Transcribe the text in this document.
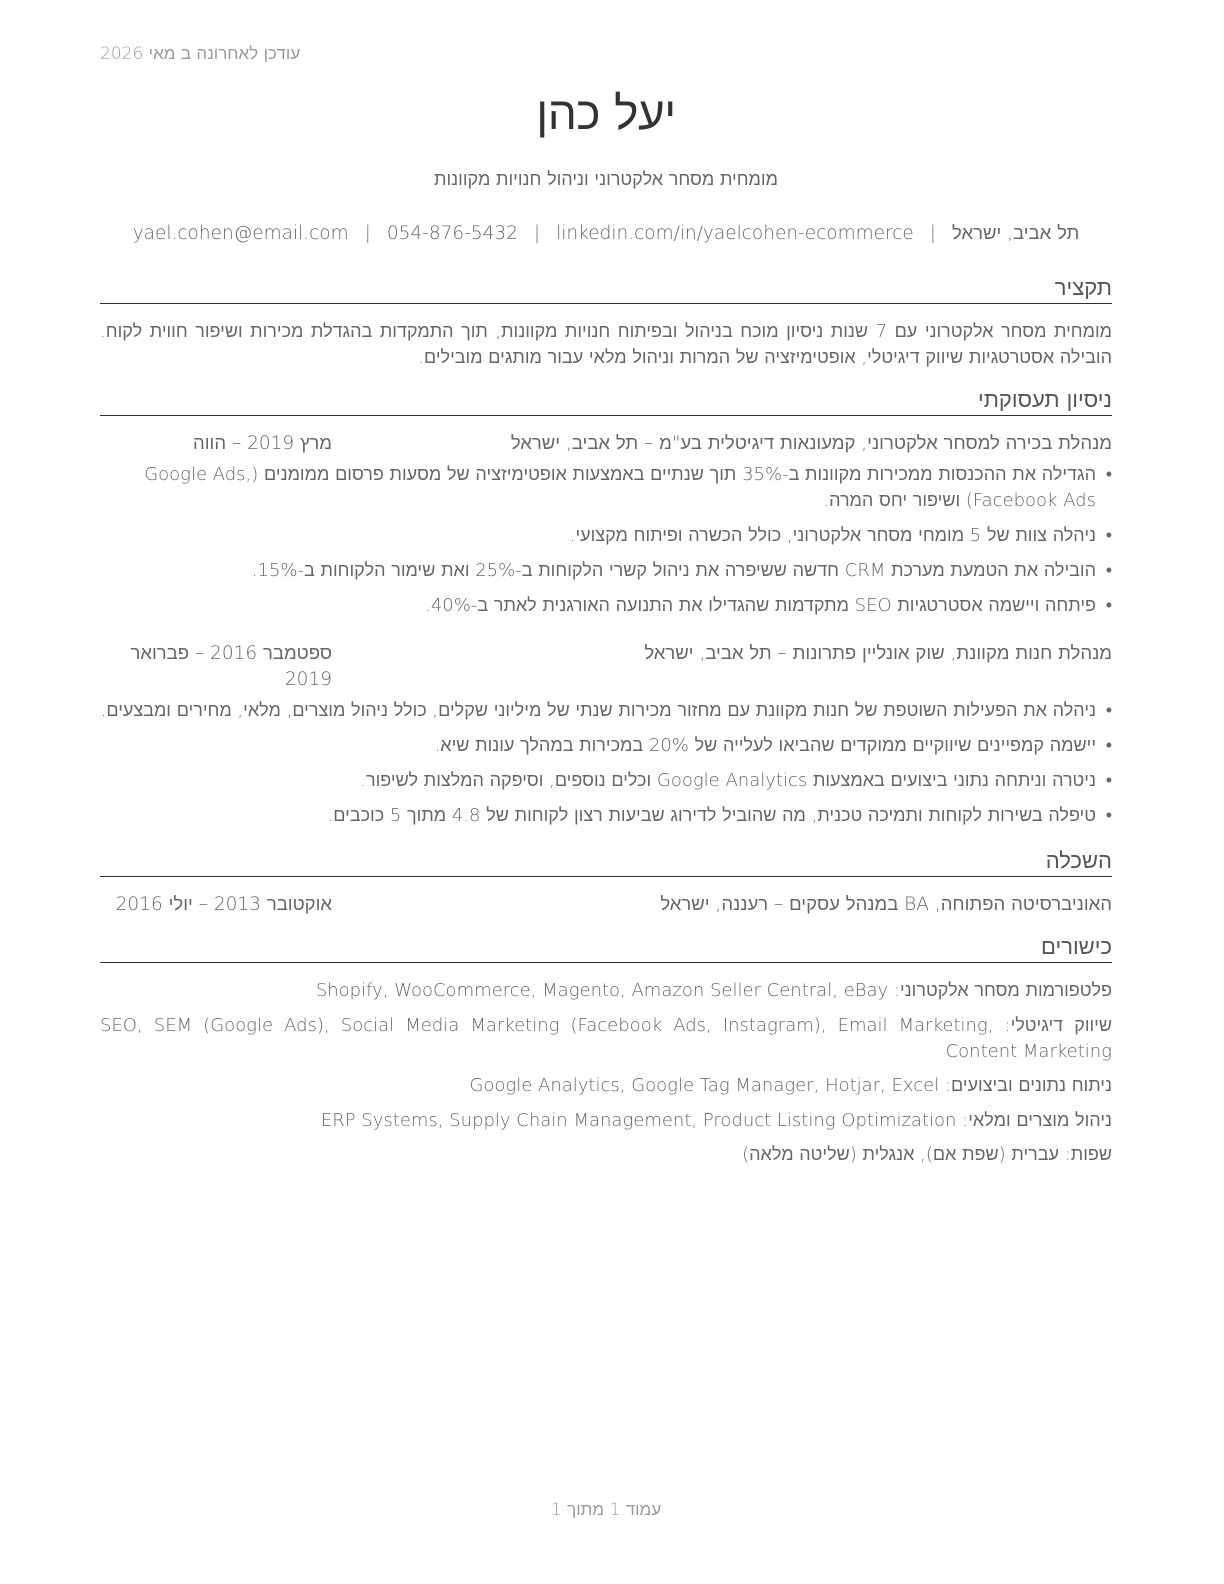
עודכן לאחרונה ב מאי 2026
יעל כהן
מומחית מסחר אלקטרוני וניהול חנויות מקוונות
תל אביב, ישראל|yael.cohen@email.com | 054-876-5432 | linkedin.com/in/yaelcohen-ecommerce
תקציר
מומחית מסחר אלקטרוני עם 7 שנות ניסיון מוכח בניהול ובפיתוח חנויות מקוונות, תוך התמקדות בהגדלת מכירות ושיפור חווית לקוח. הובילה אסטרטגיות שיווק דיגיטלי, אופטימיזציה של המרות וניהול מלאי עבור מותגים מובילים.
ניסיון תעסוקתי
מנהלת בכירה למסחר אלקטרוני, קמעונאות דיגיטלית בע"מ – תל אביב, ישראל
מרץ 2019 – הווה
• הגדילה את ההכנסות ממכירות מקוונות ב-35% תוך שנתיים באמצעות אופטימיזציה של מסעות פרסום ממומנים (Google Ads, Facebook Ads) ושיפור יחס המרה.
• ניהלה צוות של 5 מומחי מסחר אלקטרוני, כולל הכשרה ופיתוח מקצועי.
• הובילה את הטמעת מערכת CRM חדשה ששיפרה את ניהול קשרי הלקוחות ב-25% ואת שימור הלקוחות ב-15%.
• פיתחה ויישמה אסטרטגיות SEO מתקדמות שהגדילו את התנועה האורגנית לאתר ב-40%.
מנהלת חנות מקוונת, שוק אונליין פתרונות – תל אביב, ישראל
ספטמבר 2016 – פברואר 2019
• ניהלה את הפעילות השוטפת של חנות מקוונת עם מחזור מכירות שנתי של מיליוני שקלים, כולל ניהול מוצרים, מלאי, מחירים ומבצעים.
• יישמה קמפיינים שיווקיים ממוקדים שהביאו לעלייה של 20% במכירות במהלך עונות שיא.
• ניטרה וניתחה נתוני ביצועים באמצעות Google Analytics וכלים נוספים, וסיפקה המלצות לשיפור.
• טיפלה בשירות לקוחות ותמיכה טכנית, מה שהוביל לדירוג שביעות רצון לקוחות של 4.8 מתוך 5 כוכבים.
השכלה
האוניברסיטה הפתוחה, BA במנהל עסקים – רעננה, ישראל
אוקטובר 2013 – יולי 2016
כישורים
פלטפורמות מסחר אלקטרוני: Shopify, WooCommerce, Magento, Amazon Seller Central, eBay
שיווק דיגיטלי: SEO, SEM (Google Ads), Social Media Marketing (Facebook Ads, Instagram), Email Marketing, Content Marketing
ניתוח נתונים וביצועים: Google Analytics, Google Tag Manager, Hotjar, Excel
ניהול מוצרים ומלאי: ERP Systems, Supply Chain Management, Product Listing Optimization
שפות: עברית (שפת אם), אנגלית (שליטה מלאה)
עמוד 1 מתוך 1
